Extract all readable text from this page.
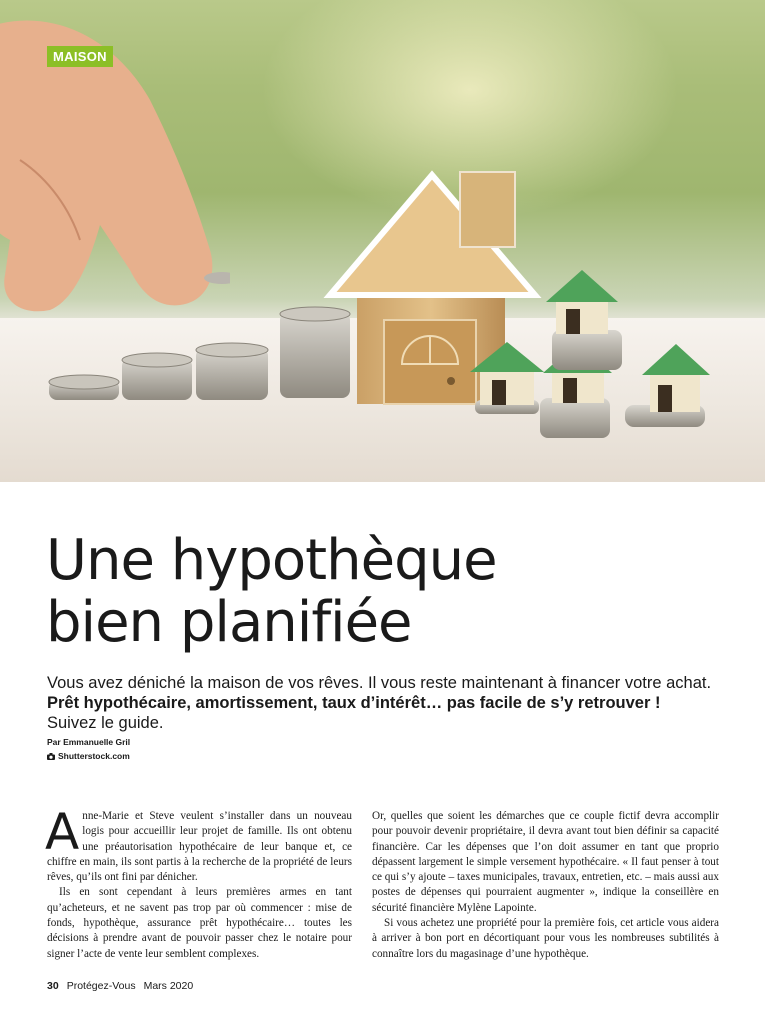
MAISON
Une hypothèque
bien planifiée

Vous avez déniché la maison de vos rêves. Il vous reste maintenant à financer votre achat.
Prêt hypothécaire, amortissement, taux d’intérêt… pas facile de s’y retrouver !
Suivez le guide.

Par Emmanuelle Gril
Shutterstock.com

Anne-Marie et Steve veulent s’installer dans un nouveau logis pour accueillir leur projet de famille. Ils ont obtenu une préautorisation hypothécaire de leur banque et, ce chiffre en main, ils sont partis à la recherche de la propriété de leurs rêves, qu’ils ont fini par dénicher.

Ils en sont cependant à leurs premières armes en tant qu’acheteurs, et ne savent pas trop par où commencer : mise de fonds, hypothèque, assurance prêt hypothécaire… toutes les décisions à prendre avant de pouvoir passer chez le notaire pour signer l’acte de vente leur semblent complexes.

Or, quelles que soient les démarches que ce couple fictif devra accomplir pour pouvoir devenir propriétaire, il devra avant tout bien définir sa capacité financière. Car les dépenses que l’on doit assumer en tant que proprio dépassent largement le simple versement hypothécaire. « Il faut penser à tout ce qui s’y ajoute – taxes municipales, travaux, entretien, etc. – mais aussi aux postes de dépenses qui pourraient augmenter », indique la conseillère en sécurité financière Mylène Lapointe.

Si vous achetez une propriété pour la première fois, cet article vous aidera à arriver à bon port en décortiquant pour vous les nombreuses subtilités à connaître lors du magasinage d’une hypothèque.

30 Protégez-Vous Mars 2020
